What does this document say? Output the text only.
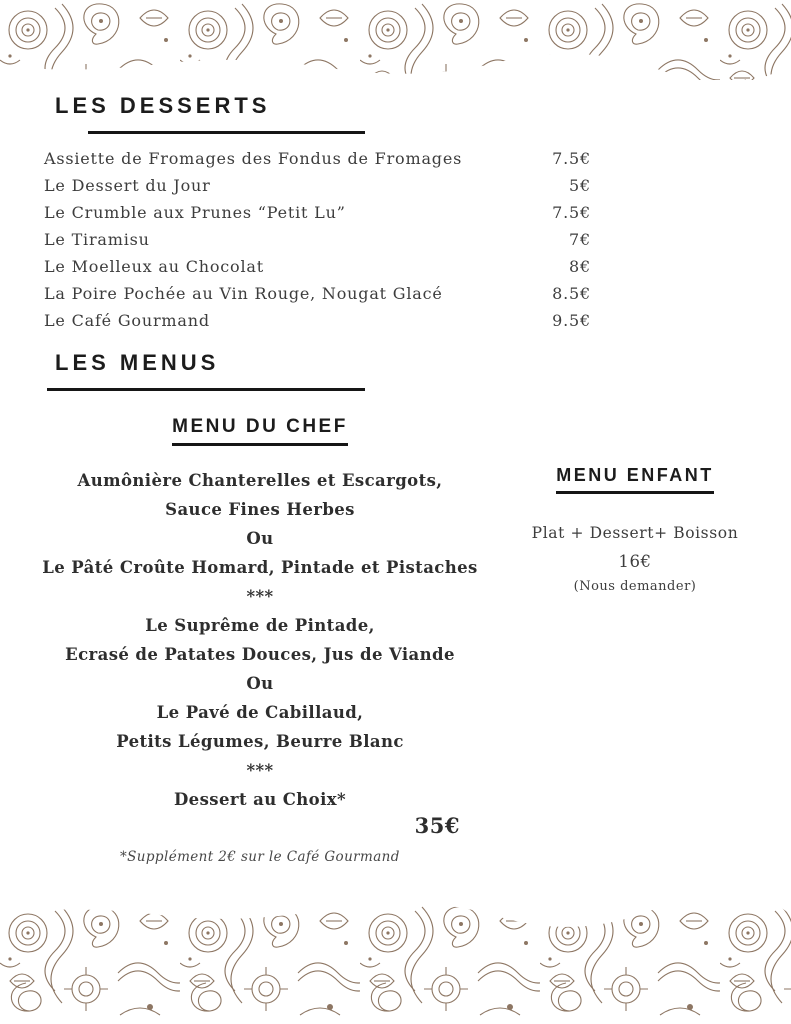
LES DESSERTS
Assiette de Fromages des Fondus de Fromages	7.5€
Le Dessert du Jour	5€
Le Crumble aux Prunes “Petit Lu”	7.5€
Le Tiramisu	7€
Le Moelleux au Chocolat	8€
La Poire Pochée au Vin Rouge, Nougat Glacé	8.5€
Le Café Gourmand	9.5€
LES MENUS
MENU DU CHEF
Aumônière Chanterelles et Escargots,
Sauce Fines Herbes
Ou
Le Pâté Croûte Homard, Pintade et Pistaches
***
Le Suprême de Pintade,
Ecrasé de Patates Douces, Jus de Viande
Ou
Le Pavé de Cabillaud,
Petits Légumes, Beurre Blanc
***
Dessert au Choix*
35€
*Supplément 2€ sur le Café Gourmand
MENU ENFANT
Plat + Dessert+ Boisson
16€
(Nous demander)
